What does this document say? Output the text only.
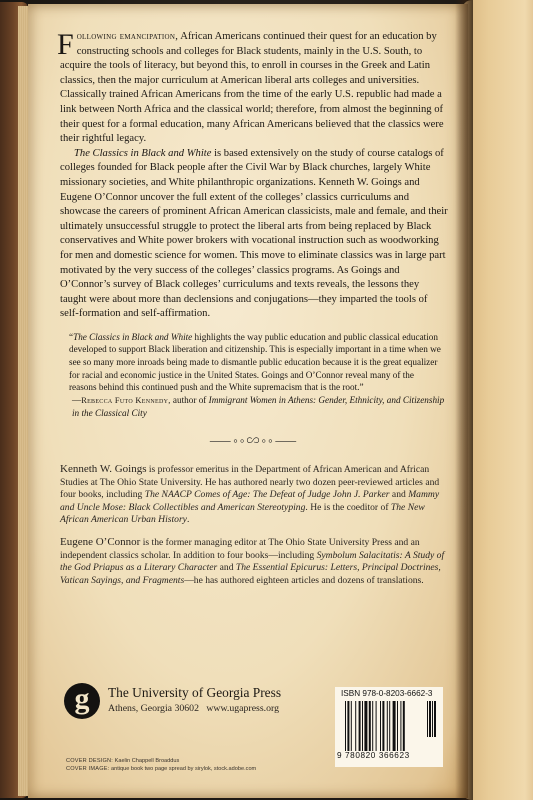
Following emancipation, African Americans continued their quest for an education by constructing schools and colleges for Black students, mainly in the U.S. South, to acquire the tools of literacy, but beyond this, to enroll in courses in the Greek and Latin classics, then the major curriculum at American liberal arts colleges and universities. Classically trained African Americans from the time of the early U.S. republic had made a link between North Africa and the classical world; therefore, from almost the beginning of their quest for a formal education, many African Americans believed that the classics were their rightful legacy.

The Classics in Black and White is based extensively on the study of course catalogs of colleges founded for Black people after the Civil War by Black churches, largely White missionary societies, and White philanthropic organizations. Kenneth W. Goings and Eugene O’Connor uncover the full extent of the colleges’ classics curriculums and showcase the careers of prominent African American classicists, male and female, and their ultimately unsuccessful struggle to protect the liberal arts from being replaced by Black conservatives and White power brokers with vocational instruction such as woodworking for men and domestic science for women. This move to eliminate classics was in large part motivated by the very success of the colleges’ classics programs. As Goings and O’Connor’s survey of Black colleges’ curriculums and texts reveals, the lessons they taught were about more than declensions and conjugations—they imparted the tools of self-formation and self-affirmation.

“The Classics in Black and White highlights the way public education and public classical education developed to support Black liberation and citizenship. This is especially important in a time when we see so many more inroads being made to dismantle public education because it is the great equalizer for racial and economic justice in the United States. Goings and O’Connor reveal many of the reasons behind this continued push and the White supremacism that is the root.”

—Rebecca Futo Kennedy, author of Immigrant Women in Athens: Gender, Ethnicity, and Citizenship in the Classical City

⸺◦◦∽◦◦⸺

Kenneth W. Goings is professor emeritus in the Department of African American and African Studies at The Ohio State University. He has authored nearly two dozen peer-reviewed articles and four books, including The NAACP Comes of Age: The Defeat of Judge John J. Parker and Mammy and Uncle Mose: Black Collectibles and American Stereotyping. He is the coeditor of The New African American Urban History.

Eugene O’Connor is the former managing editor at The Ohio State University Press and an independent classics scholar. In addition to four books—including Symbolum Salacitatis: A Study of the God Priapus as a Literary Character and The Essential Epicurus: Letters, Principal Doctrines, Vatican Sayings, and Fragments—he has authored eighteen articles and dozens of translations.

g	The University of Georgia Press
Athens, Georgia 30602 www.ugapress.org
ISBN 978-0-8203-6662-3
9 780820 366623
COVER DESIGN: Kaelin Chappell Broaddus
COVER IMAGE: antique book two page spread by sirylok, stock.adobe.com
